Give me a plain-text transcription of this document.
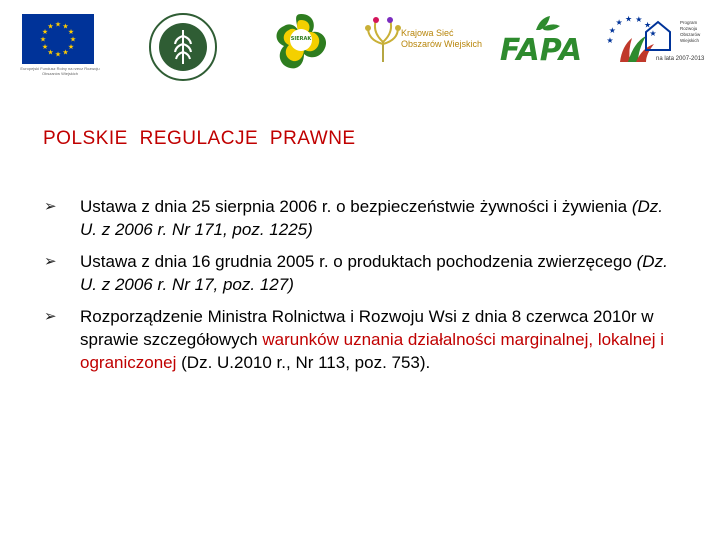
★
★
★
★
★
★
★
★
★ ★ ★
★
Europejski Fundusz Rolny na rzecz Rozwoju Obszarów Wiejskich
SIERAK
Krajowa Sieć
Obszarów Wiejskich FAPA	★
★
★ ★ ★
★
★
Program
Rozwoju
Obszarów
Wiejskich
na lata 2007-2013
POLSKIE REGULACJE PRAWNE
➢	Ustawa z dnia 25 sierpnia 2006 r. o bezpieczeństwie żywności i żywienia (Dz. U. z 2006 r. Nr 171, poz. 1225)
➢	Ustawa z dnia 16 grudnia 2005 r. o produktach pochodzenia zwierzęcego (Dz. U. z 2006 r. Nr 17, poz. 127)
➢	Rozporządzenie Ministra Rolnictwa i Rozwoju Wsi z dnia 8 czerwca 2010r w sprawie szczegółowych warunków uznania działalności marginalnej, lokalnej i ograniczonej (Dz. U.2010 r., Nr 113, poz. 753).
